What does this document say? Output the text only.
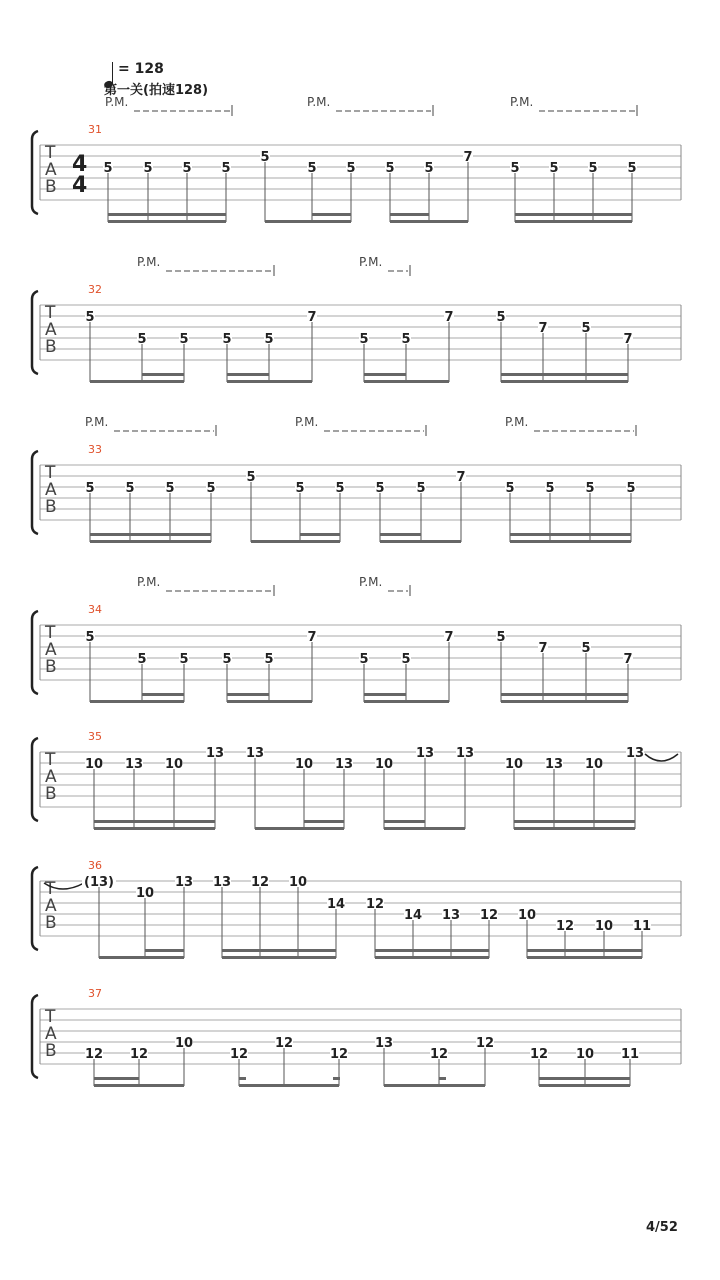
= 128
第一关(拍速128)
T
A
B
31
4
4
P.M.	P.M.	P.M.
5 5 5 5
5
5 5 5 5
7
5 5 5 5
T
A
B
32
P.M.	P.M.
5
5	5	5	5
7
5	5
7	5
7	5
7
T
A
B
33
P.M.	P.M.	P.M.
5 5 5 5
5
5 5 5 5
7
5 5 5 5
T
A
B
34
P.M.	P.M.
5
5	5	5	5
7
5	5
7	5
7	5
7
T
A
B
35
10 13 10
13 13
10 13 10
13 13
10 13 10
13
T
A
B
36
(13)
10
13 13 12 10
14 12
14 13 12 10
12 10 11
T
A
B
37
12 12
10
12
12
12
13
12
12
12 10 11
4/52
